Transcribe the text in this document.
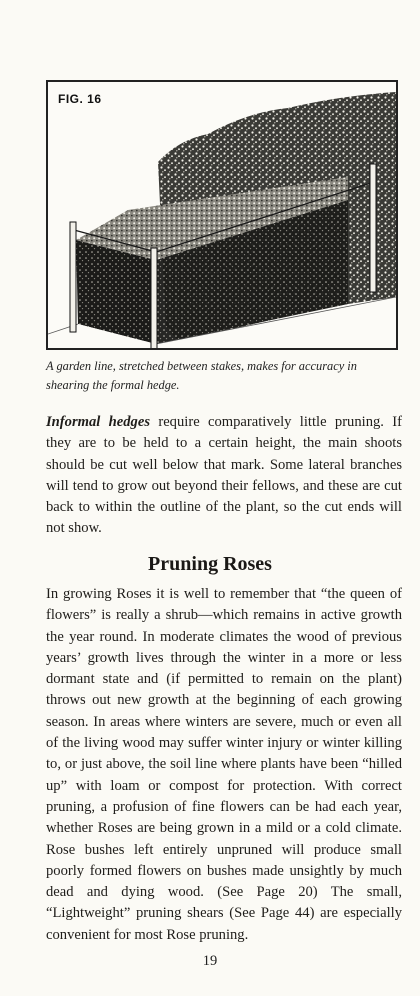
FIG. 16
A garden line, stretched between stakes, makes for accuracy in shearing the formal hedge.

Informal hedges require comparatively little pruning. If they are to be held to a certain height, the main shoots should be cut well below that mark. Some lateral branches will tend to grow out beyond their fellows, and these are cut back to within the outline of the plant, so the cut ends will not show.

Pruning Roses

In growing Roses it is well to remember that “the queen of flowers” is really a shrub—which remains in active growth the year round. In moderate climates the wood of previous years’ growth lives through the winter in a more or less dormant state and (if permitted to remain on the plant) throws out new growth at the beginning of each growing season. In areas where winters are severe, much or even all of the living wood may suffer winter injury or winter killing to, or just above, the soil line where plants have been “hilled up” with loam or compost for protection. With correct pruning, a profusion of fine flowers can be had each year, whether Roses are being grown in a mild or a cold climate. Rose bushes left entirely unpruned will produce small poorly formed flowers on bushes made unsightly by much dead and dying wood. (See Page 20) The small, “Lightweight” pruning shears (See Page 44) are especially convenient for most Rose pruning.

19
